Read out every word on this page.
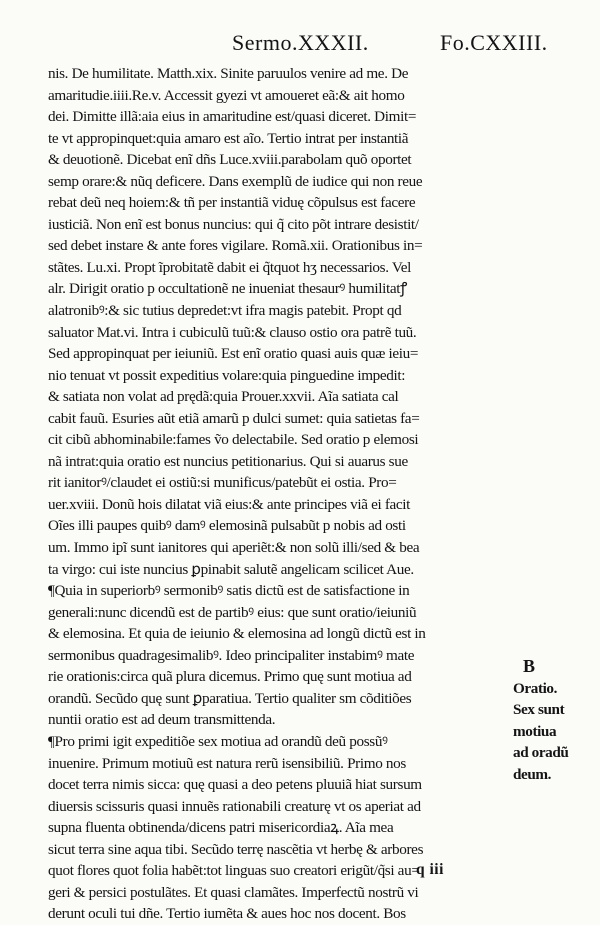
Sermo.XXXII.	Fo.CXXIII.
nis. De humilitate. Matth.xix. Sinite paruulos venire ad me. De
amaritudie.iiii.Re.v. Accessit gyezi vt amoueret eã:& ait homo
dei. Dimitte illã:aia eius in amaritudine est/quasi diceret. Dimit=
te vt appropinquet:quia amaro est aĩo. Tertio intrat per instantiã
& deuotionẽ. Dicebat enĩ dñs Luce.xviii.parabolam quõ oportet
semp orare:& nũq deficere. Dans exemplũ de iudice qui non reue
rebat deũ neq hoiem:& tñ per instantiã viduę cõpulsus est facere
iusticiã. Non enĩ est bonus nuncius: qui q̃ cito põt intrare desistit/
sed debet instare & ante fores vigilare. Romã.xii. Orationibus in=
stãtes. Lu.xi. Propt ĩprobitatẽ dabit ei q̃tquot hʒ necessarios. Vel
alr. Dirigit oratio p occultationẽ ne inueniat thesaurꝰ humilitatꝭ
alatronibꝰ:& sic tutius depredet:vt ifra magis patebit. Propt qd
saluator Mat.vi. Intra i cubiculũ tuũ:& clauso ostio ora patrẽ tuũ.
Sed appropinquat per ieiuniũ. Est enĩ oratio quasi auis quæ ieiu=
nio tenuat vt possit expeditius volare:quia pinguedine impedit:
& satiata non volat ad prędã:quia Prouer.xxvii. Aĩa satiata cal
cabit fauũ. Esuries aũt etiã amarũ p dulci sumet: quia satietas fa=
cit cibũ abhominabile:fames ṽo delectabile. Sed oratio p elemosi
nã intrat:quia oratio est nuncius petitionarius. Qui si auarus sue
rit ianitorꝰ/claudet ei ostiũ:si munificus/patebũt ei ostia. Pro=
uer.xviii. Donũ hois dilatat viã eius:& ante principes viã ei facit
Oĩes illi paupes quibꝰ damꝰ elemosinã pulsabũt p nobis ad osti
um. Immo ipĩ sunt ianitores qui aperiẽt:& non solũ illi/sed & bea
ta virgo: cui iste nuncius ꝑpinabit salutẽ angelicam scilicet Aue.
¶Quia in superiorbꝰ sermonibꝰ satis dictũ est de satisfactione in
generali:nunc dicendũ est de partibꝰ eius: que sunt oratio/ieiuniũ
& elemosina. Et quia de ieiunio & elemosina ad longũ dictũ est in
sermonibus quadragesimalibꝰ. Ideo principaliter instabimꝰ mate
rie orationis:circa quã plura dicemus. Primo quę sunt motiua ad
orandũ. Secũdo quę sunt ꝑparatiua. Tertio qualiter sm cõditiões
nuntii oratio est ad deum transmittenda.
¶Pro primi igit expeditiõe sex motiua ad orandũ deũ possũꝰ
inuenire. Primum motiuũ est natura rerũ isensibiliũ. Primo nos
docet terra nimis sicca: quę quasi a deo petens pluuiã hiat sursum
diuersis scissuris quasi innuẽs rationabili creaturę vt os aperiat ad
supna fluenta obtinenda/dicens patri misericordiaꝝ. Aĩa mea
sicut terra sine aqua tibi. Secũdo terrę nascẽtia vt herbę & arbores
quot flores quot folia habẽt:tot linguas suo creatori erigũt/q̃si au=
geri & persici postulãtes. Et quasi clamãtes. Imperfectũ nostrũ vi
derunt oculi tui dñe. Tertio iumẽta & aues hoc nos docent. Bos
B
Oratio.
Sex sunt
motiua
ad oradũ
deum.
q iii
